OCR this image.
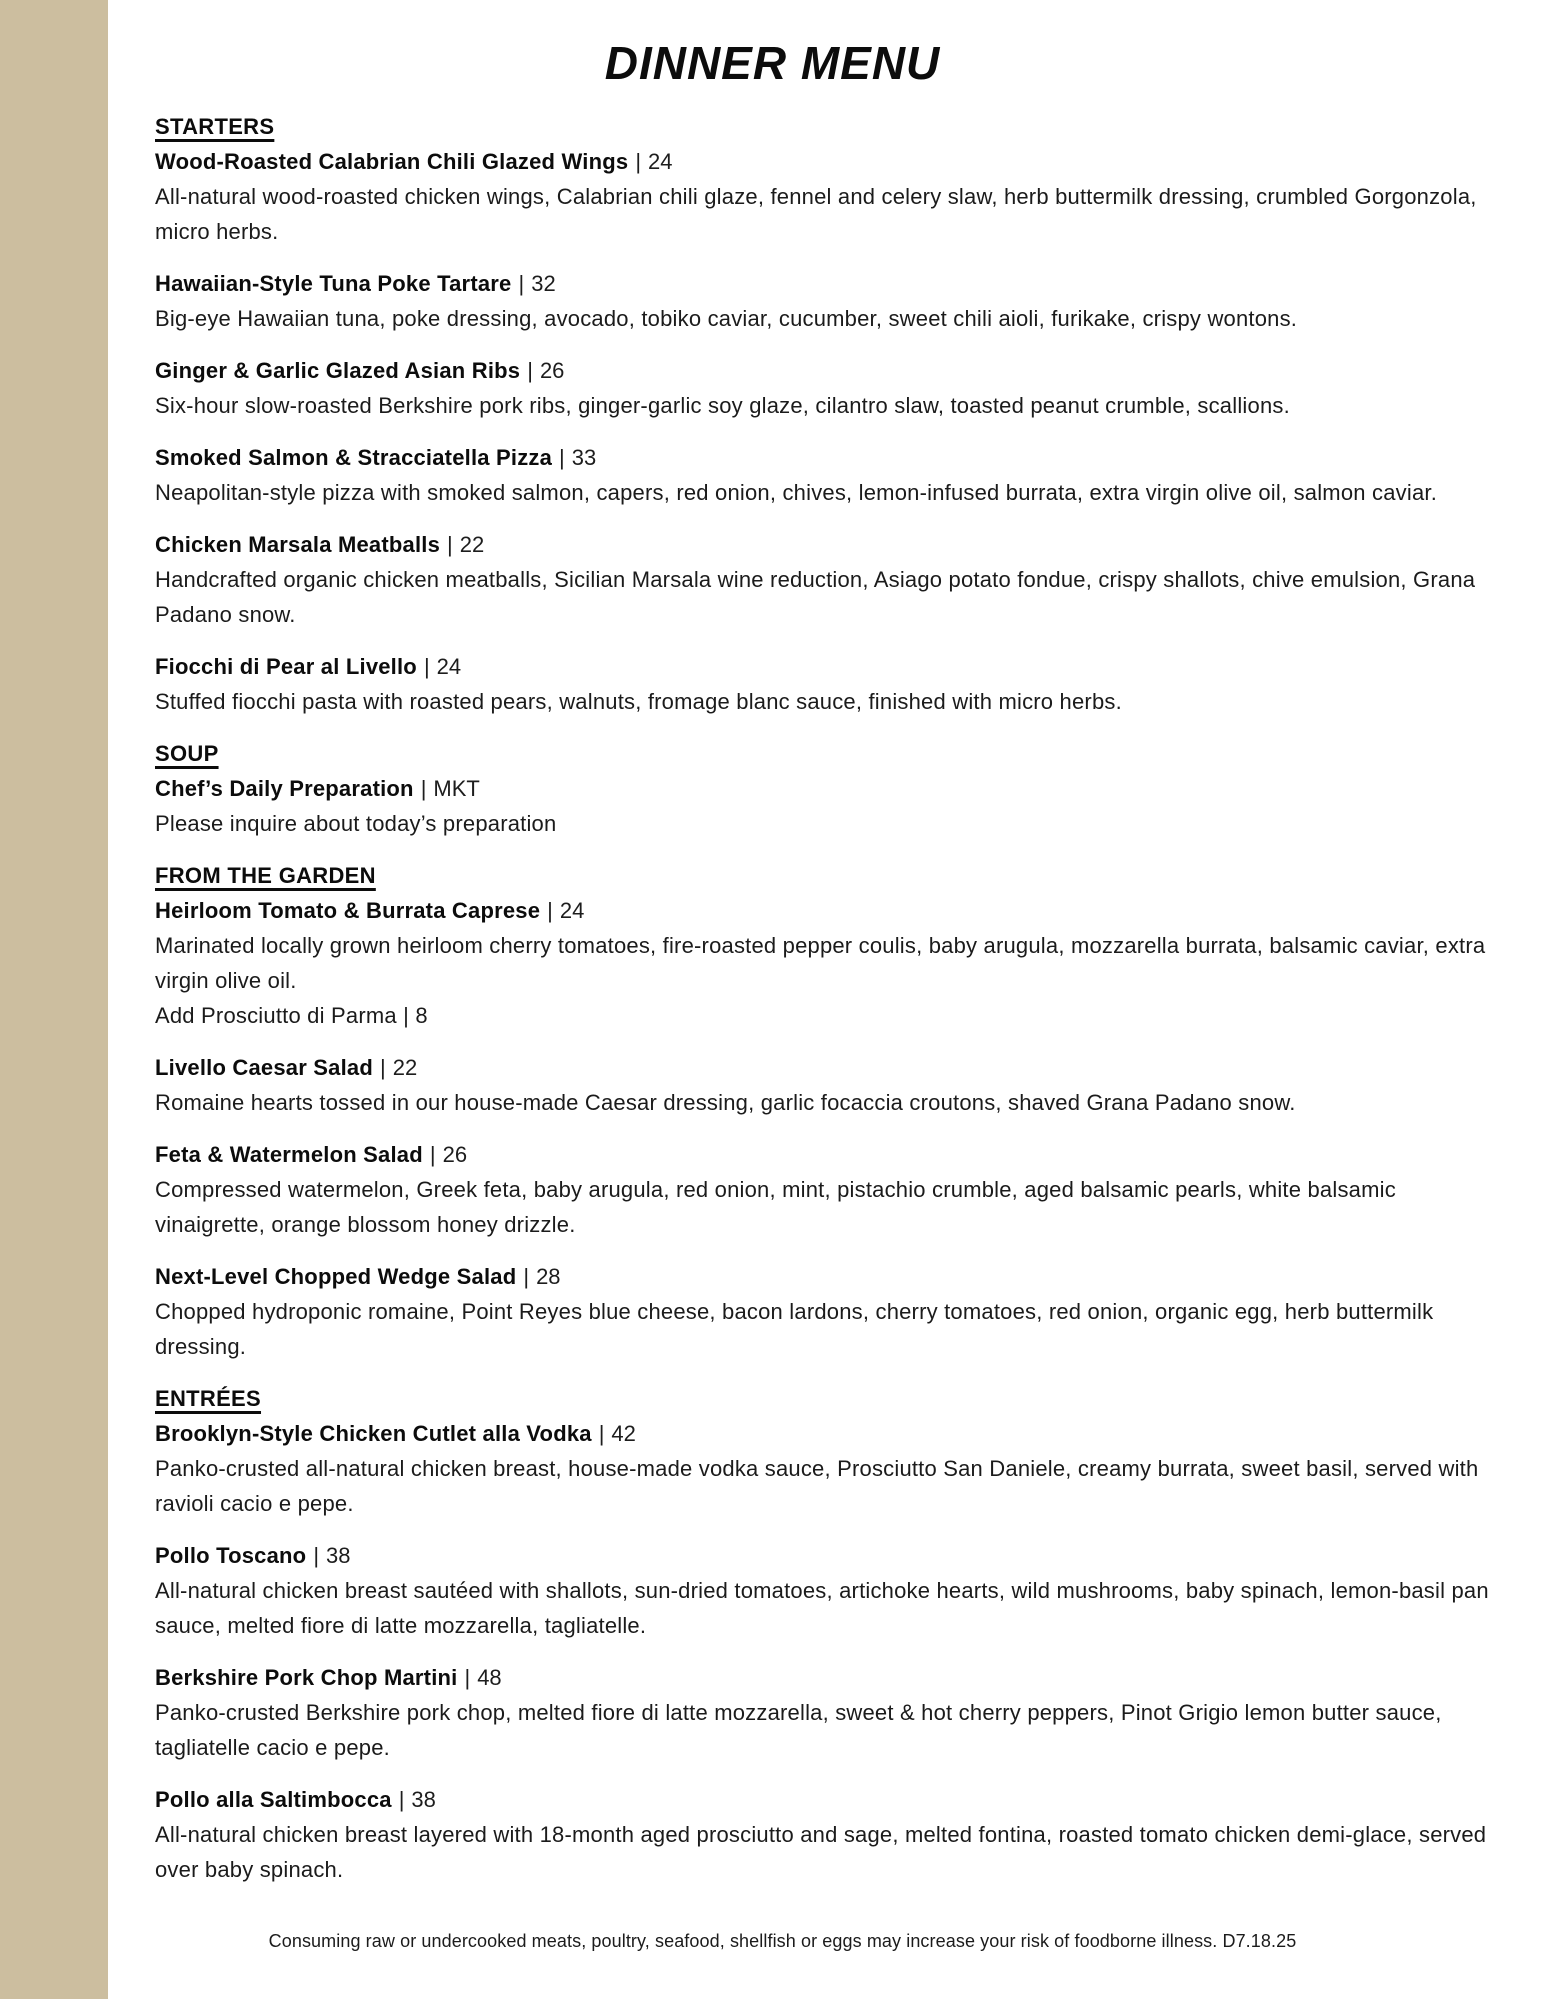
DINNER MENU
STARTERS

Wood-Roasted Calabrian Chili Glazed Wings | 24

All-natural wood-roasted chicken wings, Calabrian chili glaze, fennel and celery slaw, herb buttermilk dressing, crumbled Gorgonzola, micro herbs.

Hawaiian-Style Tuna Poke Tartare | 32

Big-eye Hawaiian tuna, poke dressing, avocado, tobiko caviar, cucumber, sweet chili aioli, furikake, crispy wontons.

Ginger & Garlic Glazed Asian Ribs | 26

Six-hour slow-roasted Berkshire pork ribs, ginger-garlic soy glaze, cilantro slaw, toasted peanut crumble, scallions.

Smoked Salmon & Stracciatella Pizza | 33

Neapolitan-style pizza with smoked salmon, capers, red onion, chives, lemon-infused burrata, extra virgin olive oil, salmon caviar.

Chicken Marsala Meatballs | 22

Handcrafted organic chicken meatballs, Sicilian Marsala wine reduction, Asiago potato fondue, crispy shallots, chive emulsion, Grana Padano snow.

Fiocchi di Pear al Livello | 24

Stuffed fiocchi pasta with roasted pears, walnuts, fromage blanc sauce, finished with micro herbs.

SOUP

Chef’s Daily Preparation | MKT

Please inquire about today’s preparation

FROM THE GARDEN

Heirloom Tomato & Burrata Caprese | 24

Marinated locally grown heirloom cherry tomatoes, fire-roasted pepper coulis, baby arugula, mozzarella burrata, balsamic caviar, extra virgin olive oil.

Add Prosciutto di Parma | 8

Livello Caesar Salad | 22

Romaine hearts tossed in our house-made Caesar dressing, garlic focaccia croutons, shaved Grana Padano snow.

Feta & Watermelon Salad | 26

Compressed watermelon, Greek feta, baby arugula, red onion, mint, pistachio crumble, aged balsamic pearls, white balsamic vinaigrette, orange blossom honey drizzle.

Next-Level Chopped Wedge Salad | 28

Chopped hydroponic romaine, Point Reyes blue cheese, bacon lardons, cherry tomatoes, red onion, organic egg, herb buttermilk dressing.

ENTRÉES

Brooklyn-Style Chicken Cutlet alla Vodka | 42

Panko-crusted all-natural chicken breast, house-made vodka sauce, Prosciutto San Daniele, creamy burrata, sweet basil, served with ravioli cacio e pepe.

Pollo Toscano | 38

All-natural chicken breast sautéed with shallots, sun-dried tomatoes, artichoke hearts, wild mushrooms, baby spinach, lemon-basil pan sauce, melted fiore di latte mozzarella, tagliatelle.

Berkshire Pork Chop Martini | 48

Panko-crusted Berkshire pork chop, melted fiore di latte mozzarella, sweet & hot cherry peppers, Pinot Grigio lemon butter sauce, tagliatelle cacio e pepe.

Pollo alla Saltimbocca | 38

All-natural chicken breast layered with 18-month aged prosciutto and sage, melted fontina, roasted tomato chicken demi-glace, served over baby spinach.

Consuming raw or undercooked meats, poultry, seafood, shellfish or eggs may increase your risk of foodborne illness. D7.18.25
